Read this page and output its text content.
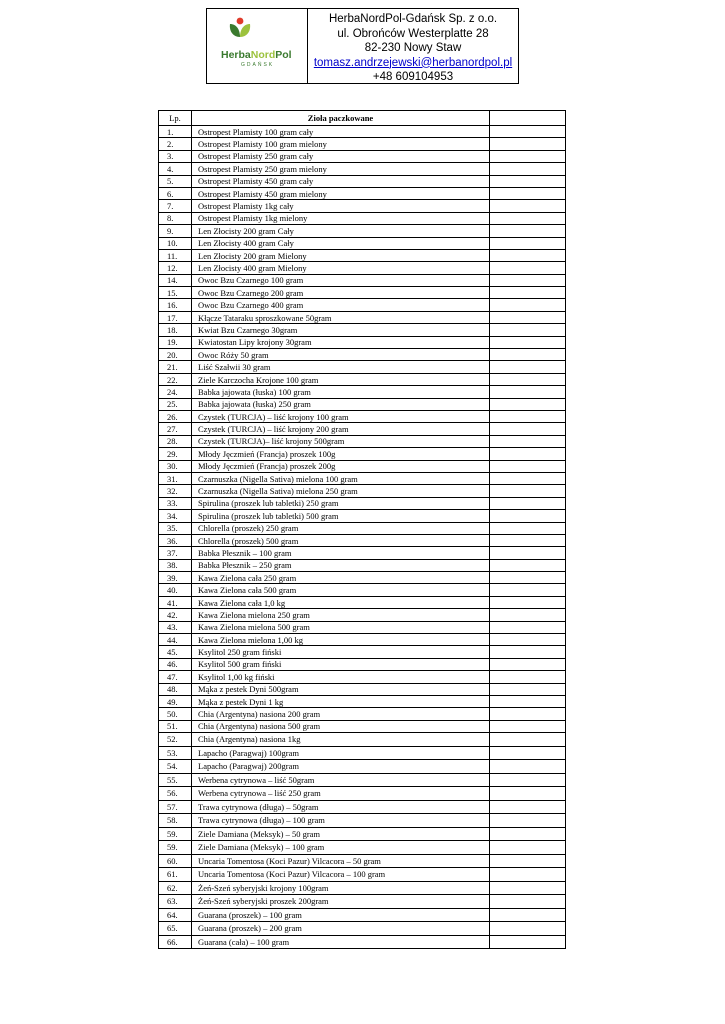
HerbaNordPol
GDAŃSK
HerbaNordPol-Gdańsk Sp. z o.o.
ul. Obrońców Westerplatte 28
82-230 Nowy Staw
tomasz.andrzejewski@herbanordpol.pl
+48 609104953
Lp.	Zioła paczkowane	
1.	Ostropest Plamisty 100 gram cały	
2.	Ostropest Plamisty 100 gram mielony	
3.	Ostropest Plamisty 250 gram cały	
4.	Ostropest Plamisty 250 gram mielony	
5.	Ostropest Plamisty 450 gram cały	
6.	Ostropest Plamisty 450 gram mielony	
7.	Ostropest Plamisty 1kg cały	
8.	Ostropest Plamisty 1kg mielony	
9.	Len Złocisty 200 gram Cały	
10.	Len Złocisty 400 gram Cały	
11.	Len Złocisty 200 gram Mielony	
12.	Len Złocisty 400 gram Mielony	
14.	Owoc Bzu Czarnego 100 gram	
15.	Owoc Bzu Czarnego 200 gram	
16.	Owoc Bzu Czarnego 400 gram	
17.	Kłącze Tataraku sproszkowane 50gram	
18.	Kwiat Bzu Czarnego 30gram	
19.	Kwiatostan Lipy krojony 30gram	
20.	Owoc Róży 50 gram	
21.	Liść Szałwii 30 gram	
22.	Ziele Karczocha Krojone 100 gram	
24.	Babka jajowata (łuska) 100 gram	
25.	Babka jajowata (łuska) 250 gram	
26.	Czystek (TURCJA) – liść krojony 100 gram	
27.	Czystek (TURCJA) – liść krojony 200 gram	
28.	Czystek (TURCJA)– liść krojony 500gram	
29.	Młody Jęczmień (Francja) proszek 100g	
30.	Młody Jęczmień (Francja) proszek 200g	
31.	Czarnuszka (Nigella Sativa) mielona 100 gram	
32.	Czarnuszka (Nigella Sativa) mielona 250 gram	
33.	Spirulina (proszek lub tabletki) 250 gram	
34.	Spirulina (proszek lub tabletki) 500 gram	
35.	Chlorella (proszek) 250 gram	
36.	Chlorella (proszek) 500 gram	
37.	Babka Płesznik – 100 gram	
38.	Babka Płesznik – 250 gram	
39.	Kawa Zielona cała 250 gram	
40.	Kawa Zielona cała 500 gram	
41.	Kawa Zielona cała 1,0 kg	
42.	Kawa Zielona mielona 250 gram	
43.	Kawa Zielona mielona 500 gram	
44.	Kawa Zielona mielona 1,00 kg	
45.	Ksylitol 250 gram fiński	
46.	Ksylitol 500 gram fiński	
47.	Ksylitol 1,00 kg fiński	
48.	Mąka z pestek Dyni 500gram	
49.	Mąka z pestek Dyni 1 kg	
50.	Chia (Argentyna) nasiona 200 gram	
51.	Chia (Argentyna) nasiona 500 gram	
52.	Chia (Argentyna) nasiona 1kg	
53.	Lapacho (Paragwaj) 100gram	
54.	Lapacho (Paragwaj) 200gram	
55.	Werbena cytrynowa – liść 50gram	
56.	Werbena cytrynowa – liść 250 gram	
57.	Trawa cytrynowa (długa) – 50gram	
58.	Trawa cytrynowa (długa) – 100 gram	
59.	Ziele Damiana (Meksyk) – 50 gram	
59.	Ziele Damiana (Meksyk) – 100 gram	
60.	Uncaria Tomentosa (Koci Pazur) Vilcacora – 50 gram	
61.	Uncaria Tomentosa (Koci Pazur) Vilcacora – 100 gram	
62.	Żeń-Szeń syberyjski krojony 100gram	
63.	Żeń-Szeń syberyjski proszek 200gram	
64.	Guarana (proszek) – 100 gram	
65.	Guarana (proszek) – 200 gram	
66.	Guarana (cała) – 100 gram	
